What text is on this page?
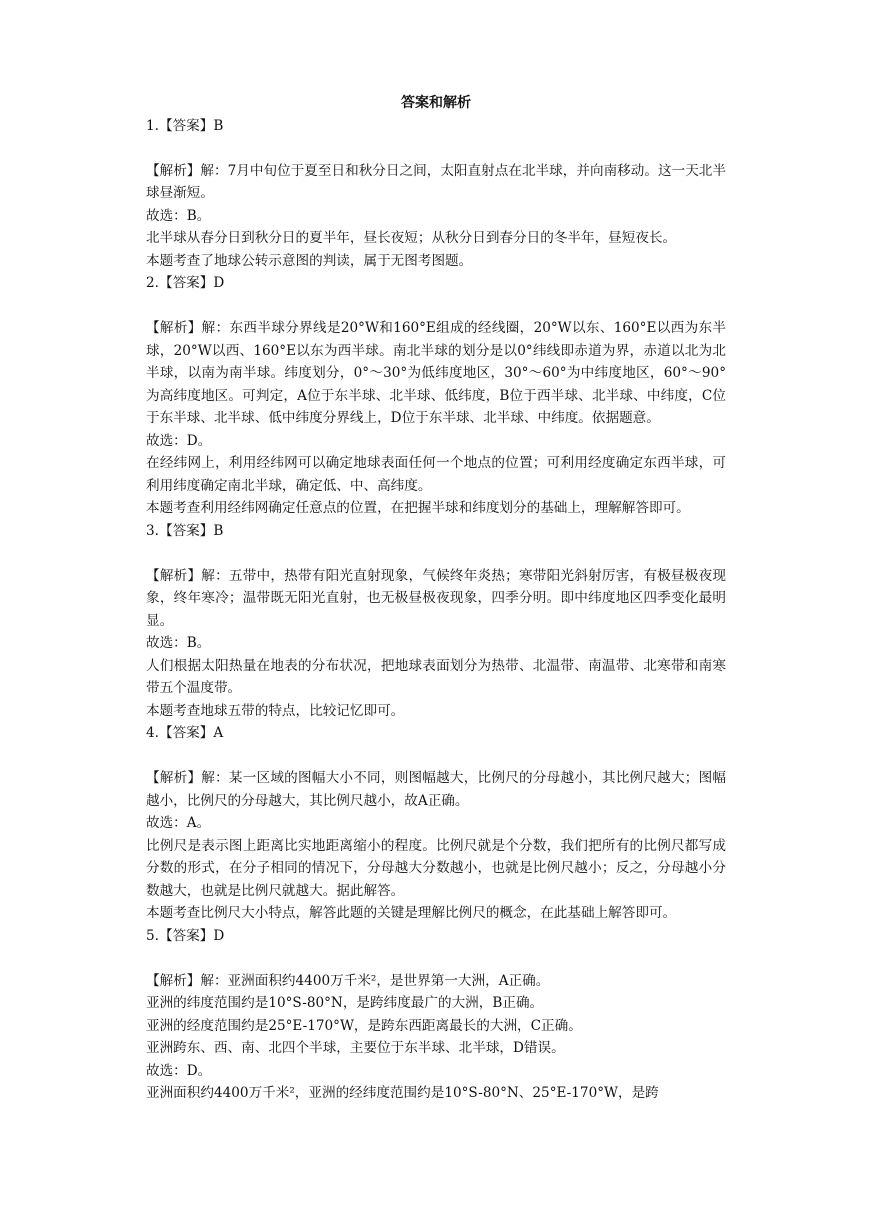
答案和解析
1.【答案】B
【解析】解：7月中旬位于夏至日和秋分日之间，太阳直射点在北半球，并向南移动。这一天北半球昼渐短。
故选：B。
北半球从春分日到秋分日的夏半年，昼长夜短；从秋分日到春分日的冬半年，昼短夜长。
本题考查了地球公转示意图的判读，属于无图考图题。
2.【答案】D
【解析】解：东西半球分界线是20°W和160°E组成的经线圈，20°W以东、160°E以西为东半球，20°W以西、160°E以东为西半球。南北半球的划分是以0°纬线即赤道为界，赤道以北为北半球，以南为南半球。纬度划分，0°～30°为低纬度地区，30°～60°为中纬度地区，60°～90°为高纬度地区。可判定，A位于东半球、北半球、低纬度，B位于西半球、北半球、中纬度，C位于东半球、北半球、低中纬度分界线上，D位于东半球、北半球、中纬度。依据题意。
故选：D。
在经纬网上，利用经纬网可以确定地球表面任何一个地点的位置；可利用经度确定东西半球，可利用纬度确定南北半球，确定低、中、高纬度。
本题考查利用经纬网确定任意点的位置，在把握半球和纬度划分的基础上，理解解答即可。
3.【答案】B
【解析】解：五带中，热带有阳光直射现象，气候终年炎热；寒带阳光斜射厉害，有极昼极夜现象，终年寒冷；温带既无阳光直射，也无极昼极夜现象，四季分明。即中纬度地区四季变化最明显。
故选：B。
人们根据太阳热量在地表的分布状况，把地球表面划分为热带、北温带、南温带、北寒带和南寒带五个温度带。
本题考查地球五带的特点，比较记忆即可。
4.【答案】A
【解析】解：某一区域的图幅大小不同，则图幅越大，比例尺的分母越小，其比例尺越大；图幅越小，比例尺的分母越大，其比例尺越小，故A正确。
故选：A。
比例尺是表示图上距离比实地距离缩小的程度。比例尺就是个分数，我们把所有的比例尺都写成分数的形式，在分子相同的情况下，分母越大分数越小，也就是比例尺越小；反之，分母越小分数越大，也就是比例尺就越大。据此解答。
本题考查比例尺大小特点，解答此题的关键是理解比例尺的概念，在此基础上解答即可。
5.【答案】D
【解析】解：亚洲面积约4400万千米²，是世界第一大洲，A正确。
亚洲的纬度范围约是10°S-80°N，是跨纬度最广的大洲，B正确。
亚洲的经度范围约是25°E-170°W，是跨东西距离最长的大洲，C正确。
亚洲跨东、西、南、北四个半球，主要位于东半球、北半球，D错误。
故选：D。
亚洲面积约4400万千米²，亚洲的经纬度范围约是10°S-80°N、25°E-170°W，是跨
